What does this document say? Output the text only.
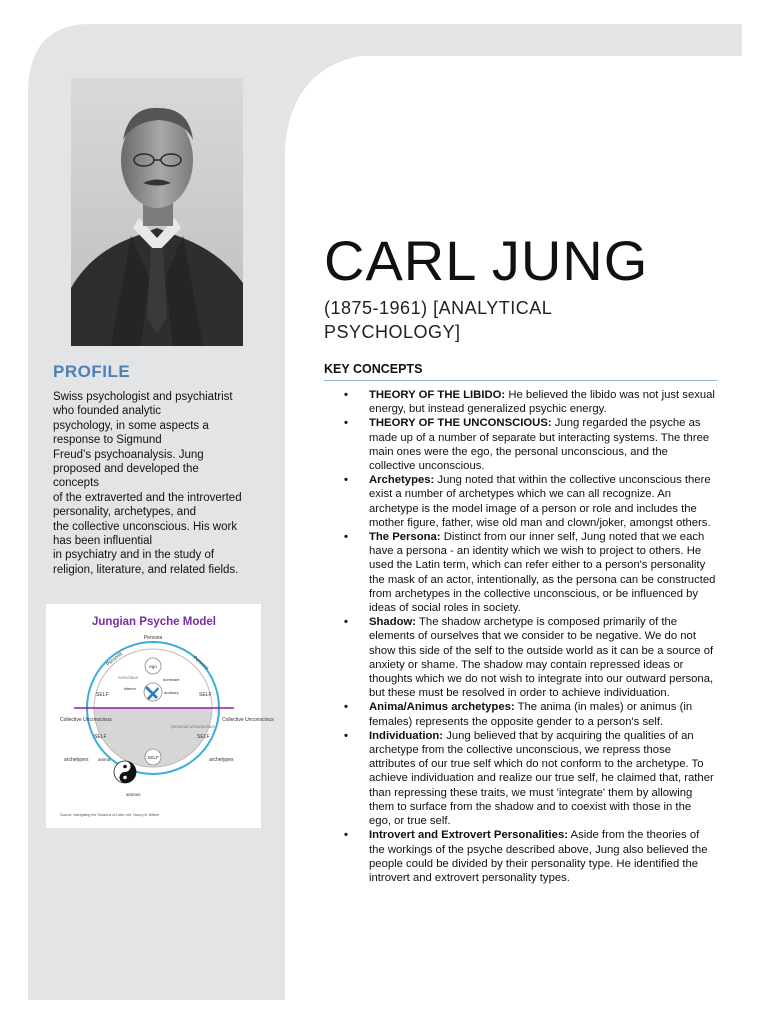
PROFILE
Swiss psychologist and psychiatrist
who founded analytic
psychology, in some aspects a
response to Sigmund
Freud’s psychoanalysis. Jung
proposed and developed the
concepts
of the extraverted and the introverted
personality, archetypes, and
the collective unconscious. His work
has been influential
in psychiatry and in the study of
religion, literature, and related fields.
Jungian Psyche Model
ego
conscious	dominant
inferior
auxiliary
SELF
personal unconscious
Persona
Persona	Persona
SELF	SELF
SELF	SELF
Collective Unconscious	Collective Unconscious
archetypes	archetypes
anima
animus
Source: Navigating the Seasons of Later Life, Nancy B. Millner
CARL JUNG
(1875-1961) [ANALYTICAL PSYCHOLOGY]
KEY CONCEPTS
• THEORY OF THE LIBIDO: He believed the libido was not just sexual energy, but instead generalized psychic energy.
• THEORY OF THE UNCONSCIOUS: Jung regarded the psyche as made up of a number of separate but interacting systems. The three main ones were the ego, the personal unconscious, and the collective unconscious.
• Archetypes: Jung noted that within the collective unconscious there exist a number of archetypes which we can all recognize. An archetype is the model image of a person or role and includes the mother figure, father, wise old man and clown/joker, amongst others.
• The Persona: Distinct from our inner self, Jung noted that we each have a persona - an identity which we wish to project to others. He used the Latin term, which can refer either to a person's personality the mask of an actor, intentionally, as the persona can be constructed from archetypes in the collective unconscious, or be influenced by ideas of social roles in society.
• Shadow: The shadow archetype is composed primarily of the elements of ourselves that we consider to be negative. We do not show this side of the self to the outside world as it can be a source of anxiety or shame. The shadow may contain repressed ideas or thoughts which we do not wish to integrate into our outward persona, but these must be resolved in order to achieve individuation.
• Anima/Animus archetypes: The anima (in males) or animus (in females) represents the opposite gender to a person's self.
• Individuation: Jung believed that by acquiring the qualities of an archetype from the collective unconscious, we repress those attributes of our true self which do not conform to the archetype. To achieve individuation and realize our true self, he claimed that, rather than repressing these traits, we must 'integrate' them by allowing them to surface from the shadow and to coexist with those in the ego, or true self.
• Introvert and Extrovert Personalities: Aside from the theories of the workings of the psyche described above, Jung also believed the people could be divided by their personality type. He identified the introvert and extrovert personality types.
